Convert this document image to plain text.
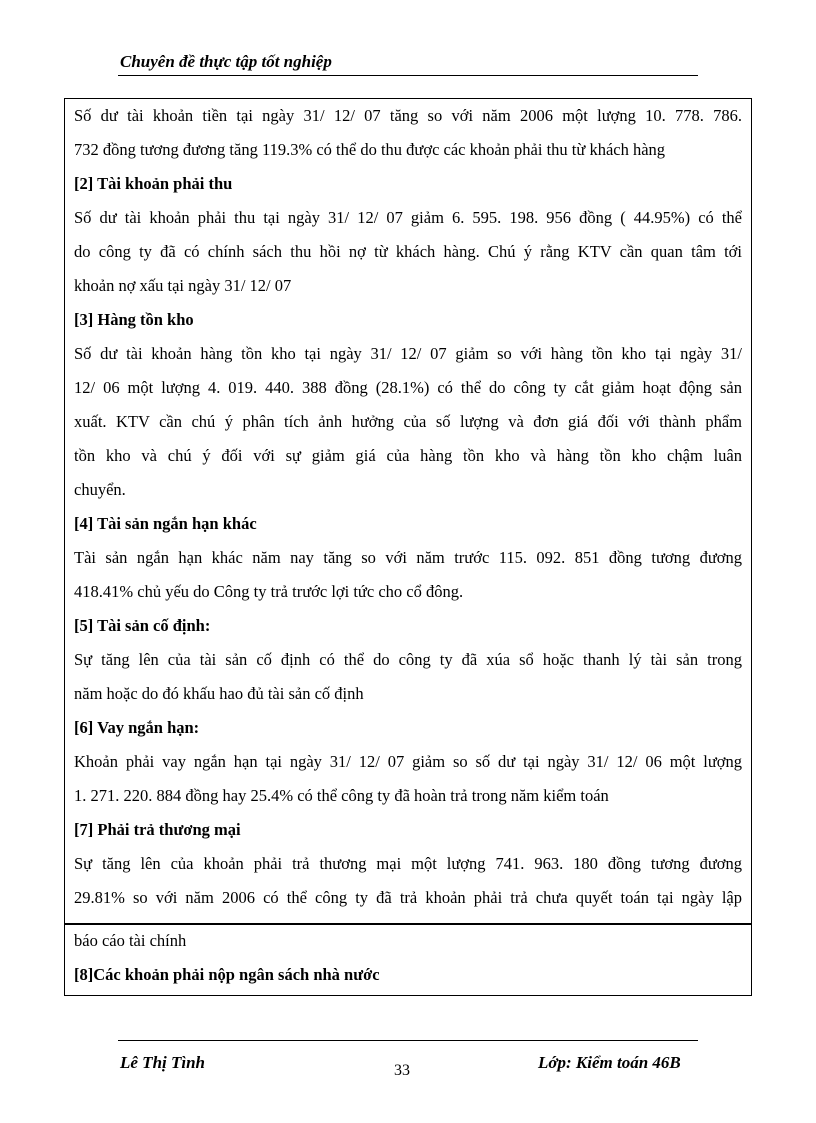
Chuyên đề thực tập tốt nghiệp
Số dư tài khoản tiền tại ngày 31/ 12/ 07 tăng so với năm 2006 một lượng 10. 778. 786.
732 đồng tương đương tăng 119.3% có thể do thu được các khoản phải thu từ khách hàng
[2] Tài khoản phải thu
Số dư tài khoản phải thu tại ngày 31/ 12/ 07 giảm 6. 595. 198. 956 đồng ( 44.95%) có thể
do công ty đã có chính sách thu hồi nợ từ khách hàng. Chú ý rằng KTV cần quan tâm tới
khoản nợ xấu tại ngày 31/ 12/ 07
[3] Hàng tồn kho
Số dư tài khoản hàng tồn kho tại ngày 31/ 12/ 07 giảm so với hàng tồn kho tại ngày 31/
12/ 06 một lượng 4. 019. 440. 388 đồng (28.1%) có thể do công ty cắt giảm hoạt động sản
xuất. KTV cần chú ý phân tích ảnh hưởng của số lượng và đơn giá đối với thành phẩm
tồn kho và chú ý đối với sự giảm giá của hàng tồn kho và hàng tồn kho chậm luân
chuyển.
[4] Tài sản ngắn hạn khác
Tài sản ngắn hạn khác năm nay tăng so với năm trước 115. 092. 851 đồng tương đương
418.41% chủ yếu do Công ty trả trước lợi tức cho cổ đông.
[5] Tài sản cố định:
Sự tăng lên của tài sản cố định có thể do công ty đã xúa sổ hoặc thanh lý tài sản trong
năm hoặc do đó khấu hao đủ tài sản cố định
[6] Vay ngắn hạn:
Khoản phải vay ngắn hạn tại ngày 31/ 12/ 07 giảm so số dư tại ngày 31/ 12/ 06 một lượng
1. 271. 220. 884 đồng hay 25.4% có thể công ty đã hoàn trả trong năm kiểm toán
[7] Phải trả thương mại
Sự tăng lên của khoản phải trả thương mại một lượng 741. 963. 180 đồng tương đương
29.81% so với năm 2006 có thể công ty đã trả khoản phải trả chưa quyết toán tại ngày lập
báo cáo tài chính
[8]Các khoản phải nộp ngân sách nhà nước
Lê Thị Tình	33	Lớp: Kiểm toán 46B
